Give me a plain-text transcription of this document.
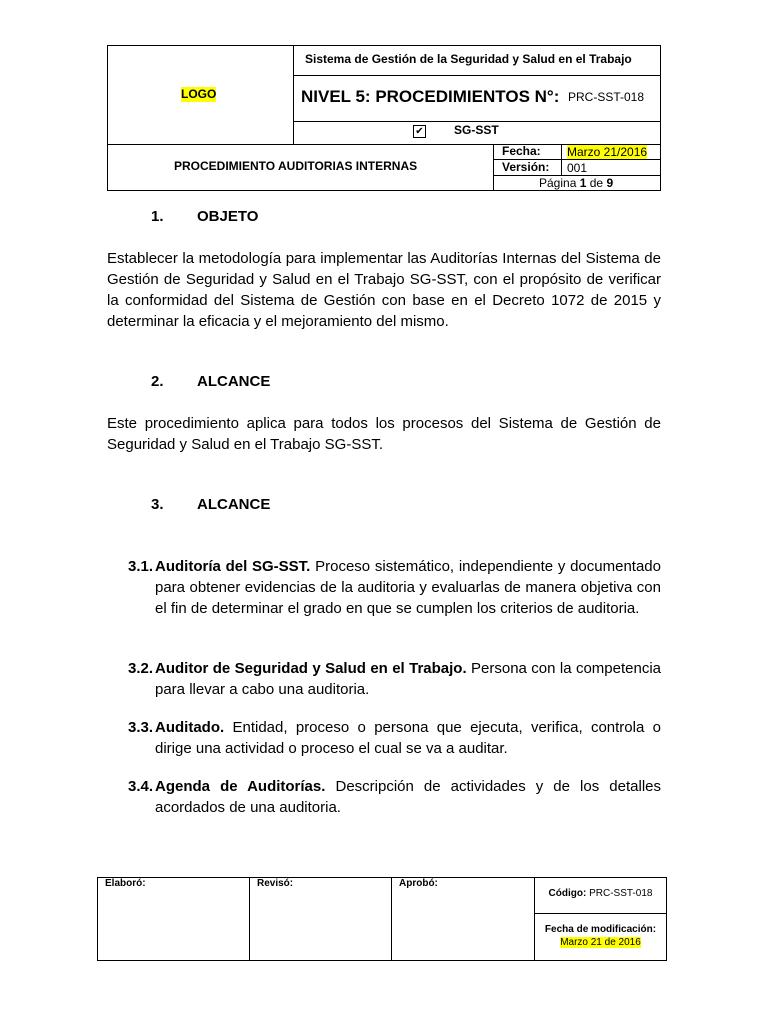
LOGO
Sistema de Gestión de la Seguridad y Salud en el Trabajo
NIVEL 5: PROCEDIMIENTOS N°: PRC-SST-018
✔	SG-SST
PROCEDIMIENTO AUDITORIAS INTERNAS
Fecha: Marzo 21/2016
Versión: 001
Página 1 de 9
1. OBJETO
Establecer la metodología para implementar las Auditorías Internas del Sistema de Gestión de Seguridad y Salud en el Trabajo SG-SST, con el propósito de verificar la conformidad del Sistema de Gestión con base en el Decreto 1072 de 2015 y determinar la eficacia y el mejoramiento del mismo.
2. ALCANCE
Este procedimiento aplica para todos los procesos del Sistema de Gestión de Seguridad y Salud en el Trabajo SG-SST.
3. ALCANCE
3.1. Auditoría del SG-SST. Proceso sistemático, independiente y documentado para obtener evidencias de la auditoria y evaluarlas de manera objetiva con el fin de determinar el grado en que se cumplen los criterios de auditoria.
3.2. Auditor de Seguridad y Salud en el Trabajo. Persona con la competencia para llevar a cabo una auditoria.
3.3. Auditado. Entidad, proceso o persona que ejecuta, verifica, controla o dirige una actividad o proceso el cual se va a auditar.
3.4. Agenda de Auditorías. Descripción de actividades y de los detalles acordados de una auditoria.
Elaboró:	Revisó:	Aprobó:
Código: PRC-SST-018
Fecha de modificación:
Marzo 21 de 2016
